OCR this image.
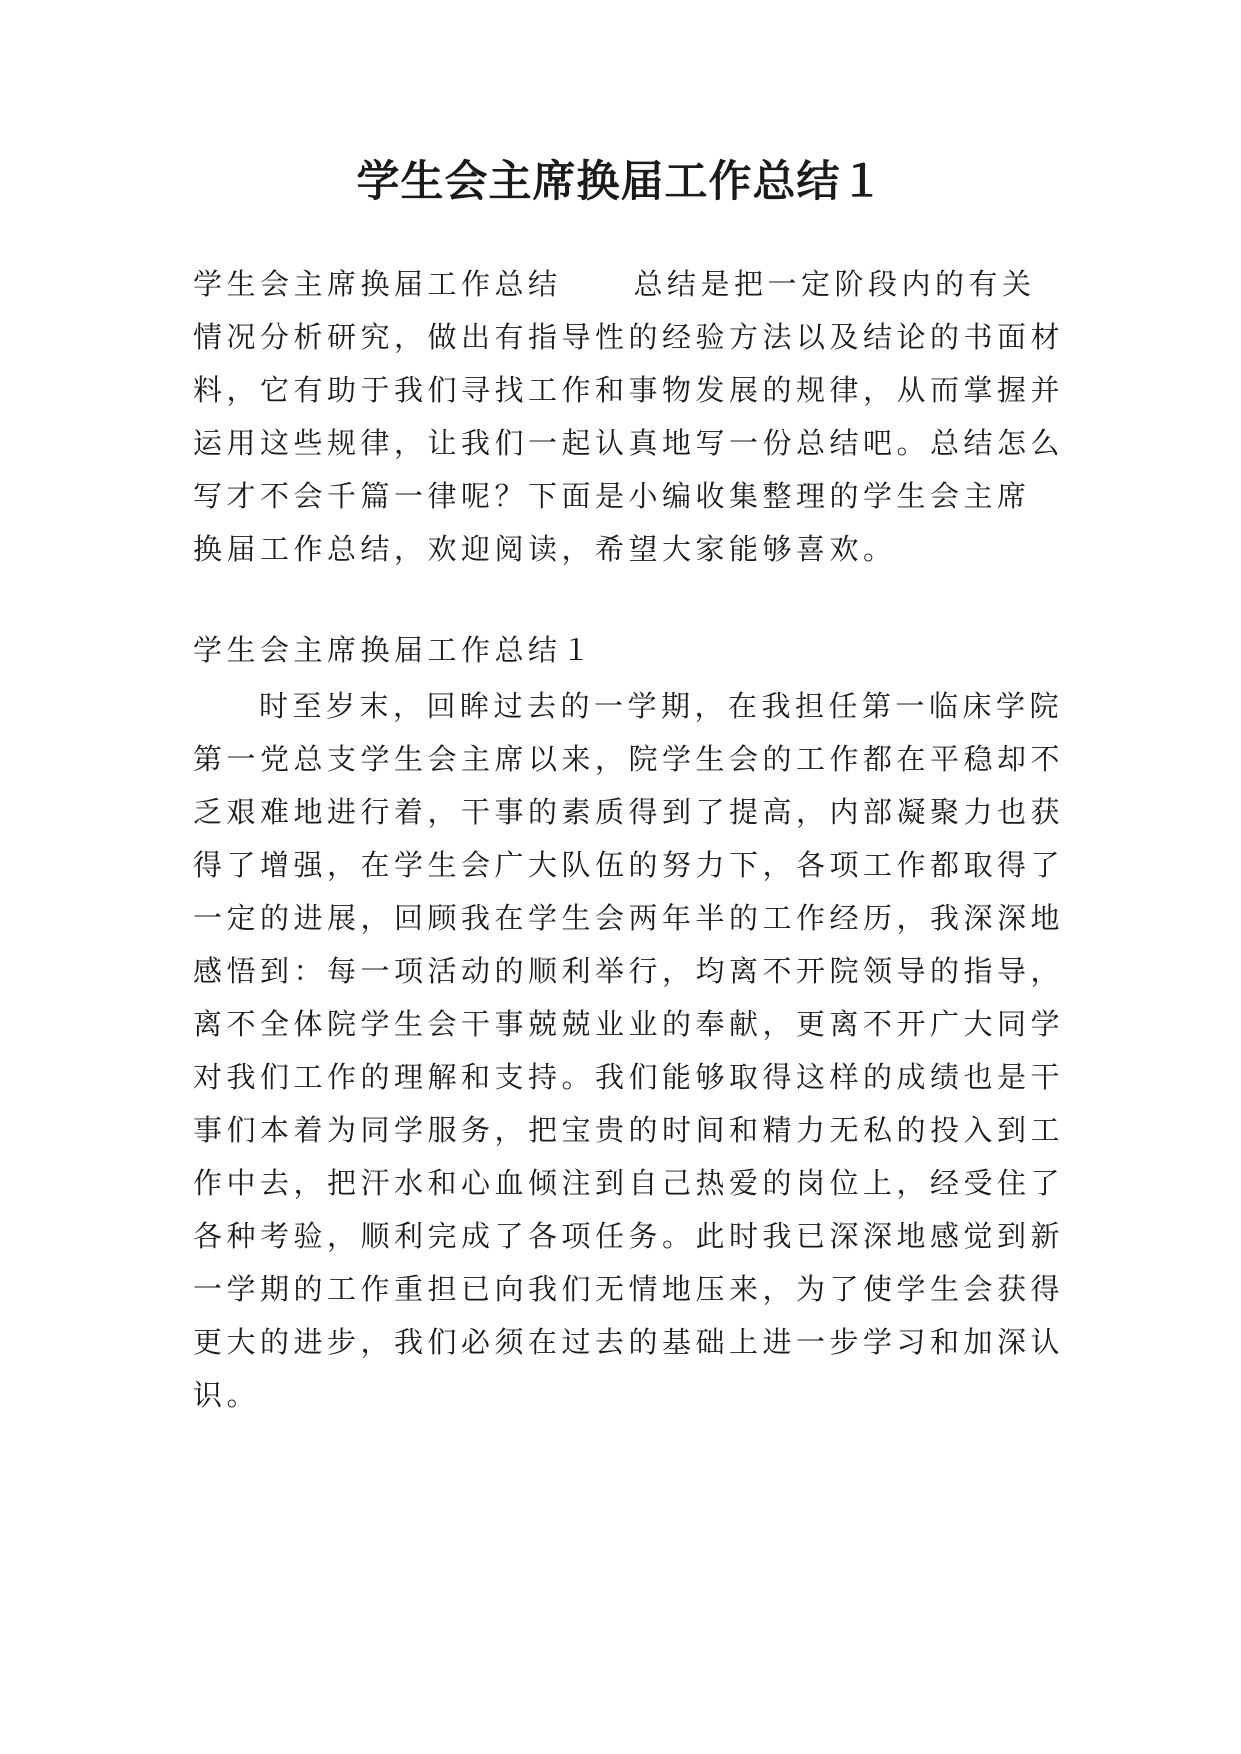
学生会主席换届工作总结１
学生会主席换届工作总结 总结是把一定阶段内的有关
情况分析研究，做出有指导性的经验方法以及结论的书面材
料，它有助于我们寻找工作和事物发展的规律，从而掌握并
运用这些规律，让我们一起认真地写一份总结吧。总结怎么
写才不会千篇一律呢？下面是小编收集整理的学生会主席
换届工作总结，欢迎阅读，希望大家能够喜欢。
学生会主席换届工作总结１
时至岁末，回眸过去的一学期，在我担任第一临床学院
第一党总支学生会主席以来，院学生会的工作都在平稳却不
乏艰难地进行着，干事的素质得到了提高，内部凝聚力也获
得了增强，在学生会广大队伍的努力下，各项工作都取得了
一定的进展，回顾我在学生会两年半的工作经历，我深深地
感悟到：每一项活动的顺利举行，均离不开院领导的指导，
离不全体院学生会干事兢兢业业的奉献，更离不开广大同学
对我们工作的理解和支持。我们能够取得这样的成绩也是干
事们本着为同学服务，把宝贵的时间和精力无私的投入到工
作中去，把汗水和心血倾注到自己热爱的岗位上，经受住了
各种考验，顺利完成了各项任务。此时我已深深地感觉到新
一学期的工作重担已向我们无情地压来，为了使学生会获得
更大的进步，我们必须在过去的基础上进一步学习和加深认
识。
